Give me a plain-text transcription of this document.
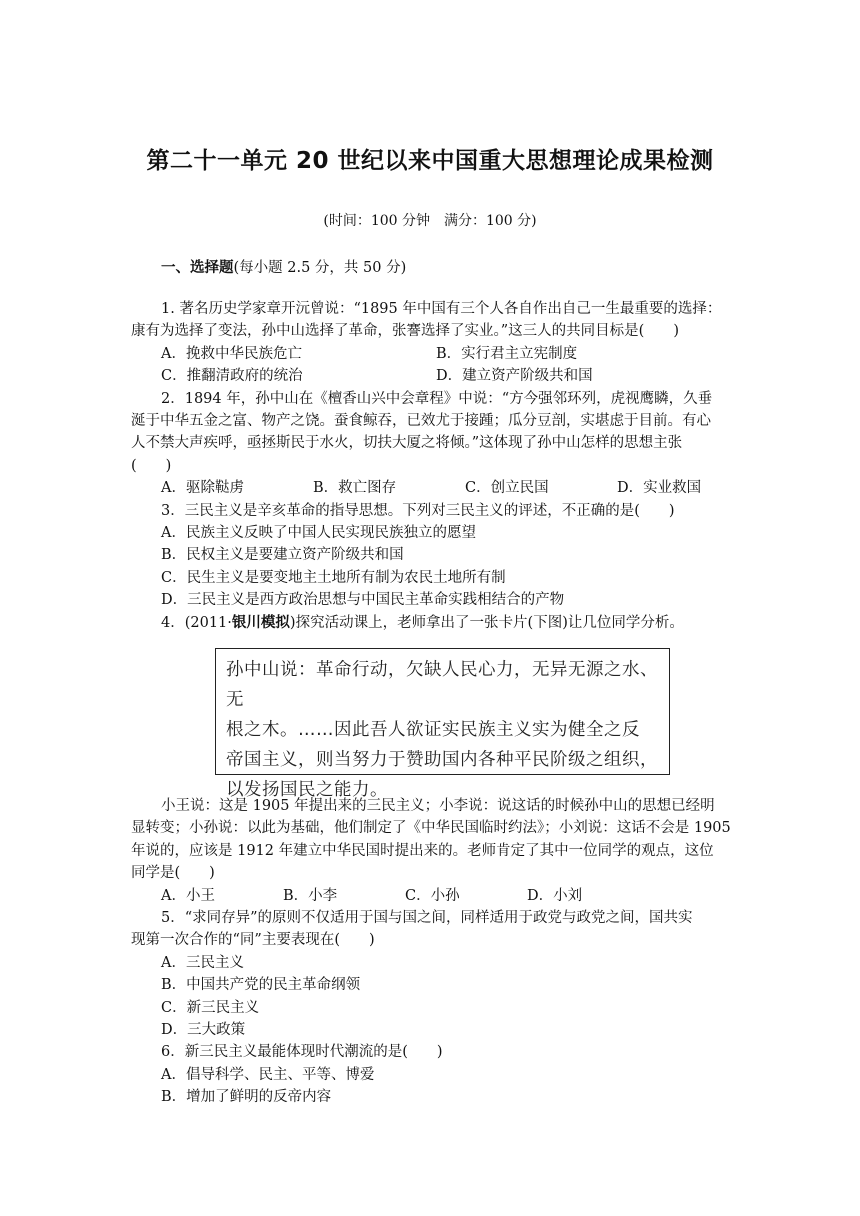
第二十一单元 20 世纪以来中国重大思想理论成果检测
(时间：100 分钟　满分：100 分)
一、选择题(每小题 2.5 分，共 50 分)

1. 著名历史学家章开沅曾说：“1895 年中国有三个人各自作出自己一生最重要的选择：

康有为选择了变法，孙中山选择了革命，张謇选择了实业。”这三人的共同目标是(　　)

A．挽救中华民族危亡	B．实行君主立宪制度
C．推翻清政府的统治	D．建立资产阶级共和国

2．1894 年，孙中山在《檀香山兴中会章程》中说：“方今强邻环列，虎视鹰瞵，久垂

涎于中华五金之富、物产之饶。蚕食鲸吞，已效尤于接踵；瓜分豆剖，实堪虑于目前。有心

人不禁大声疾呼，亟拯斯民于水火，切扶大厦之将倾。”这体现了孙中山怎样的思想主张

(　　)

A．驱除鞑虏	B．救亡图存	C．创立民国	D．实业救国

3．三民主义是辛亥革命的指导思想。下列对三民主义的评述，不正确的是(　　)

A．民族主义反映了中国人民实现民族独立的愿望

B．民权主义是要建立资产阶级共和国

C．民生主义是要变地主土地所有制为农民土地所有制

D．三民主义是西方政治思想与中国民主革命实践相结合的产物

4．(2011·银川模拟)探究活动课上，老师拿出了一张卡片(下图)让几位同学分析。

孙中山说：革命行动，欠缺人民心力，无异无源之水、无
根之木。……因此吾人欲证实民族主义实为健全之反
帝国主义，则当努力于赞助国内各种平民阶级之组织，
以发扬国民之能力。

小王说：这是 1905 年提出来的三民主义；小李说：说这话的时候孙中山的思想已经明

显转变；小孙说：以此为基础，他们制定了《中华民国临时约法》；小刘说：这话不会是 1905

年说的，应该是 1912 年建立中华民国时提出来的。老师肯定了其中一位同学的观点，这位

同学是(　　)

A．小王	B．小李	C．小孙	D．小刘

5．“求同存异”的原则不仅适用于国与国之间，同样适用于政党与政党之间，国共实

现第一次合作的“同”主要表现在(　　)

A．三民主义

B．中国共产党的民主革命纲领

C．新三民主义

D．三大政策

6．新三民主义最能体现时代潮流的是(　　)

A．倡导科学、民主、平等、博爱

B．增加了鲜明的反帝内容
